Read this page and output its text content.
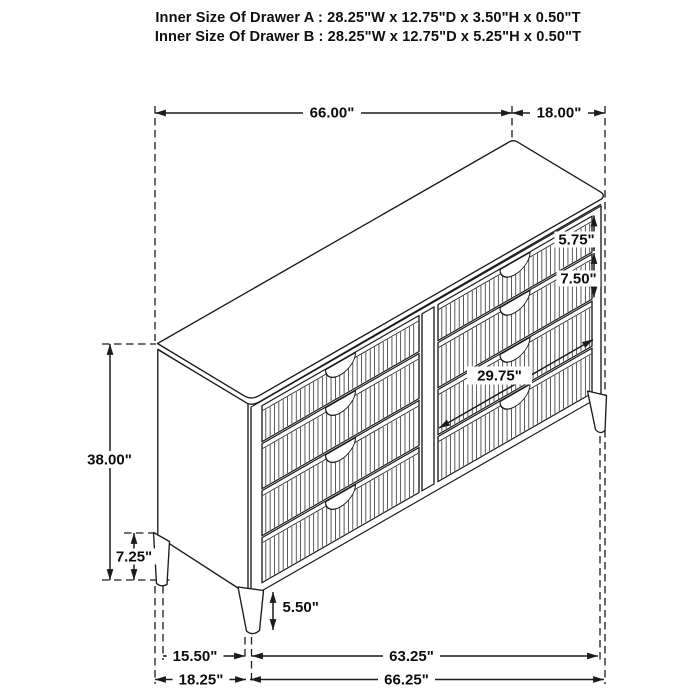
66.00"	18.00"
38.00"
7.25"
5.50"
15.50"	63.25"
18.25"	66.25"
5.75"
7.50"
29.75"
Inner Size Of Drawer A : 28.25"W x 12.75"D x 3.50"H x 0.50"T
Inner Size Of Drawer B : 28.25"W x 12.75"D x 5.25"H x 0.50"T
